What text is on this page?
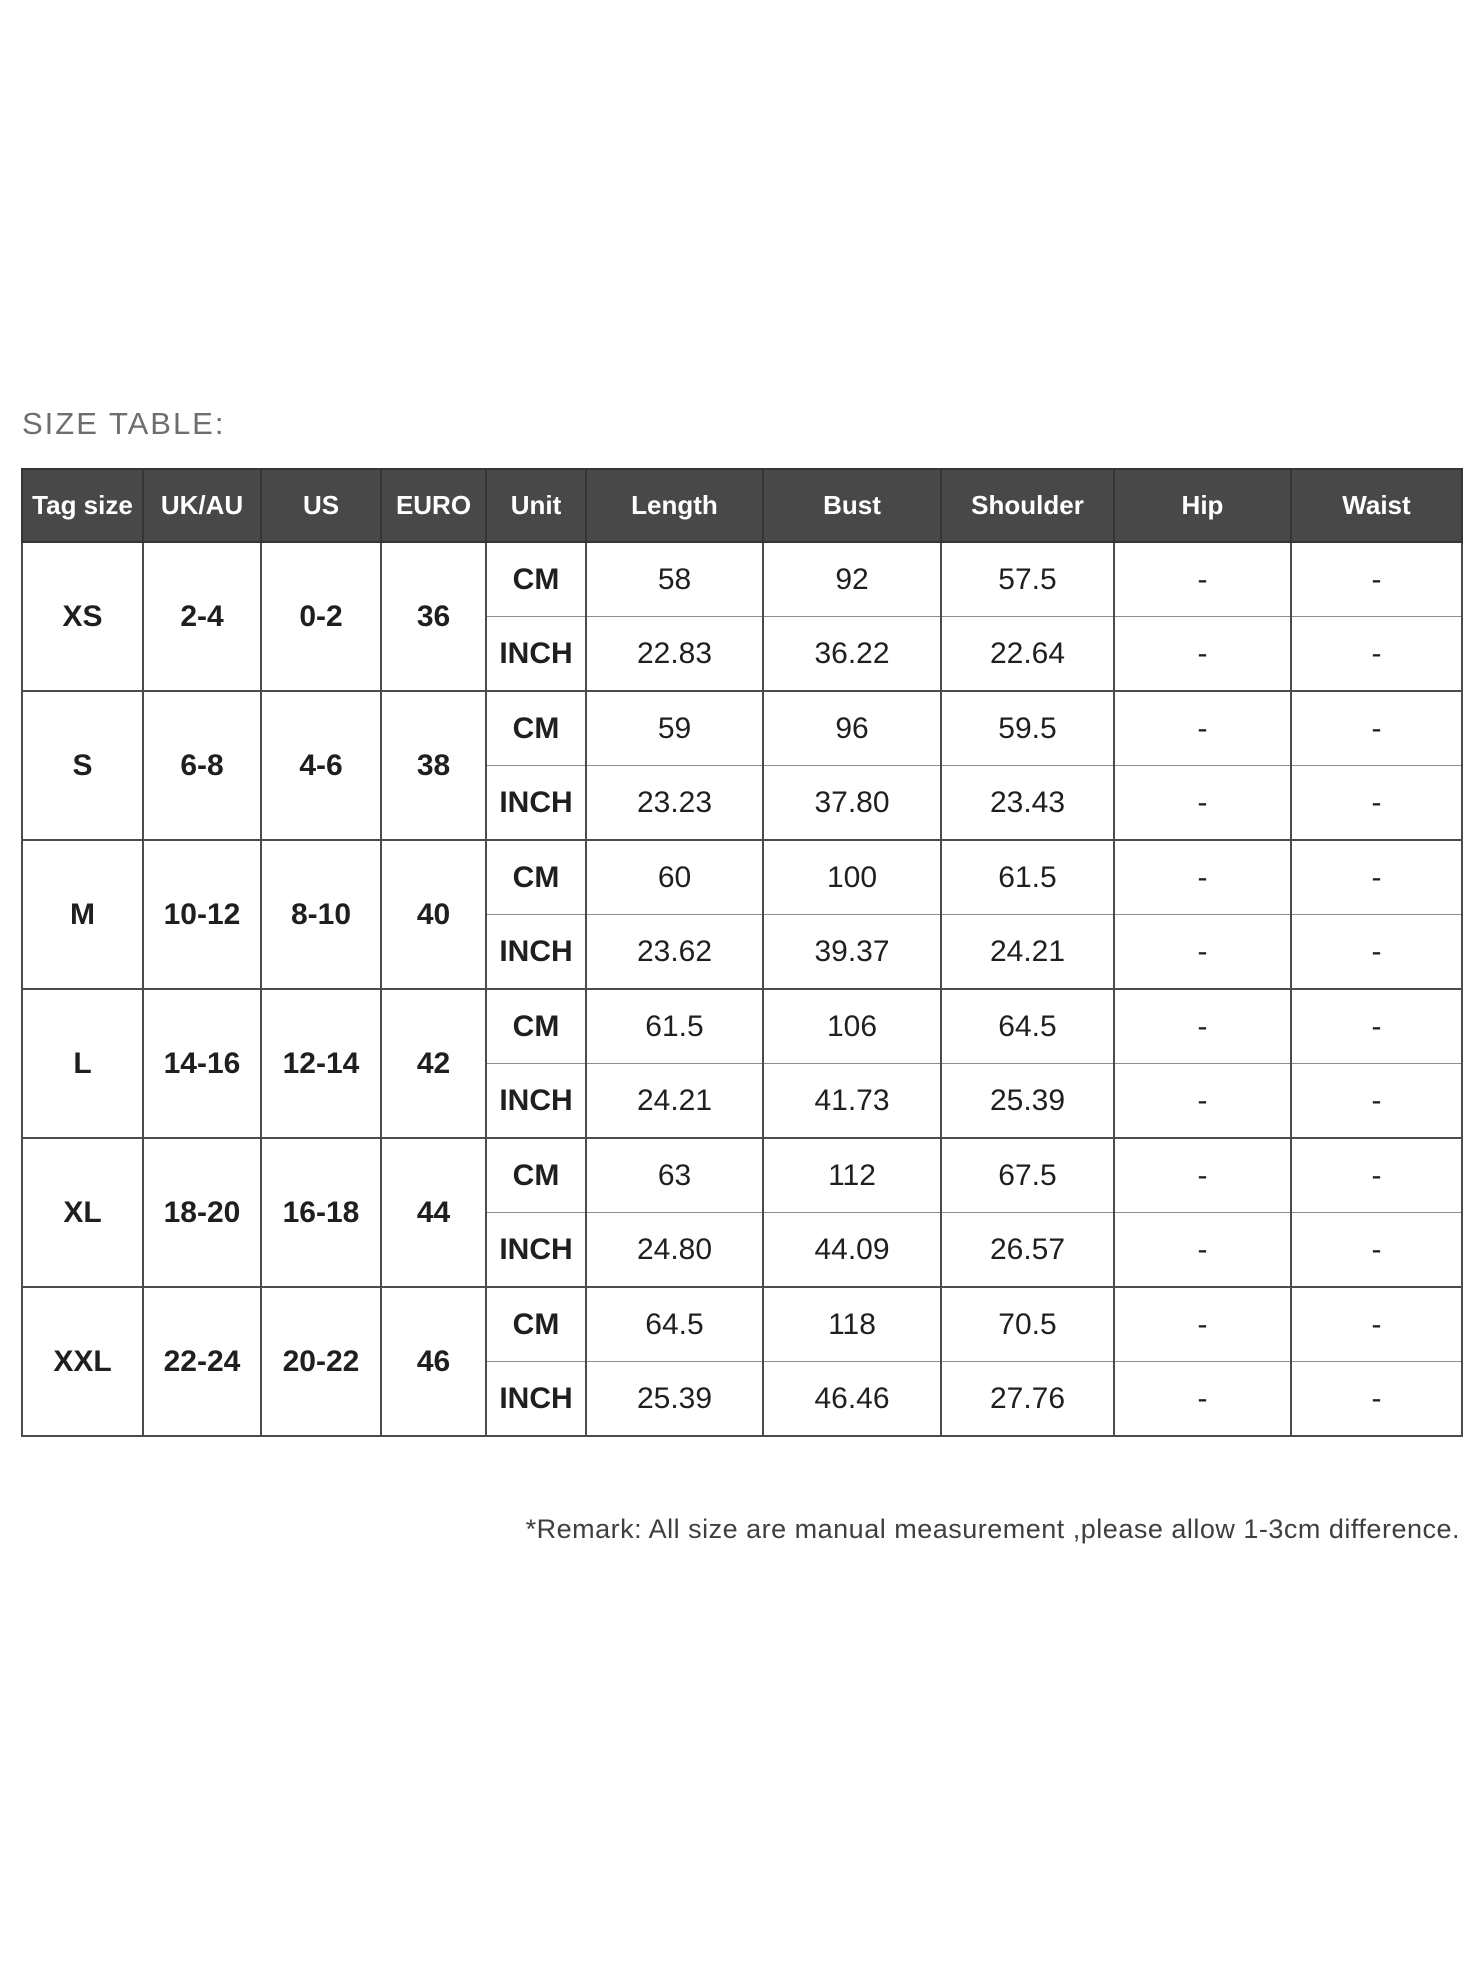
SIZE TABLE:
Tag size	UK/AU	US	EURO	Unit	Length	Bust	Shoulder	Hip	Waist
XS	2-4	0-2	36	CM	58	92	57.5	-	-
				INCH	22.83	36.22	22.64	-	-
S	6-8	4-6	38	CM	59	96	59.5	-	-
				INCH	23.23	37.80	23.43	-	-
M	10-12	8-10	40	CM	60	100	61.5	-	-
				INCH	23.62	39.37	24.21	-	-
L	14-16	12-14	42	CM	61.5	106	64.5	-	-
				INCH	24.21	41.73	25.39	-	-
XL	18-20	16-18	44	CM	63	112	67.5	-	-
				INCH	24.80	44.09	26.57	-	-
XXL	22-24	20-22	46	CM	64.5	118	70.5	-	-
				INCH	25.39	46.46	27.76	-	-
*Remark: All size are manual measurement ,please allow 1-3cm difference.
